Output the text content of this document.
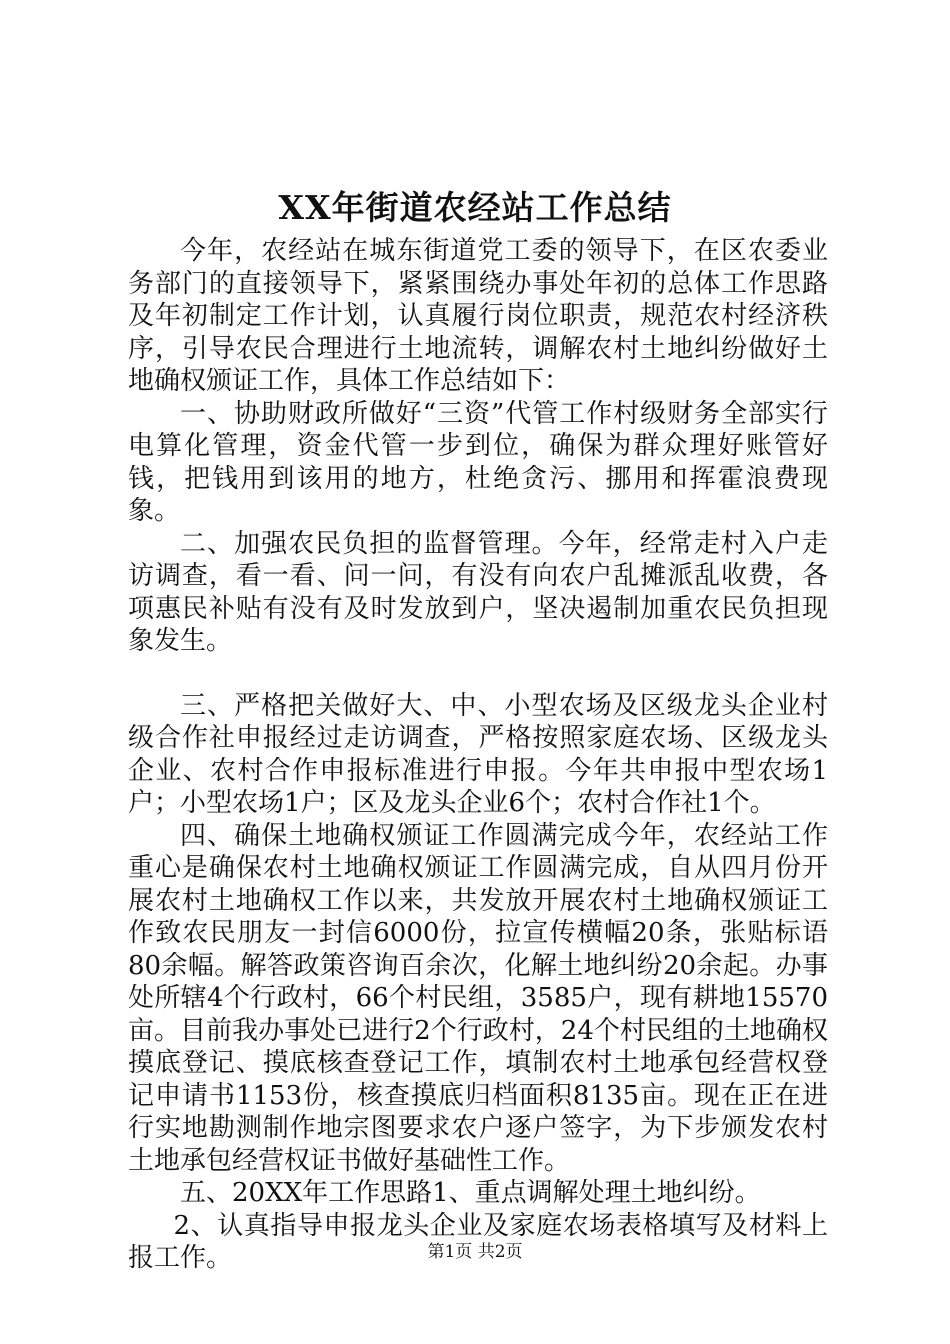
XX年街道农经站工作总结

今年，农经站在城东街道党工委的领导下，在区农委业务部门的直接领导下，紧紧围绕办事处年初的总体工作思路及年初制定工作计划，认真履行岗位职责，规范农村经济秩序，引导农民合理进行土地流转，调解农村土地纠纷做好土地确权颁证工作，具体工作总结如下：

一、协助财政所做好“三资”代管工作村级财务全部实行电算化管理，资金代管一步到位，确保为群众理好账管好钱，把钱用到该用的地方，杜绝贪污、挪用和挥霍浪费现象。

二、加强农民负担的监督管理。今年，经常走村入户走访调查，看一看、问一问，有没有向农户乱摊派乱收费，各项惠民补贴有没有及时发放到户，坚决遏制加重农民负担现象发生。

三、严格把关做好大、中、小型农场及区级龙头企业村级合作社申报经过走访调查，严格按照家庭农场、区级龙头企业、农村合作申报标准进行申报。今年共申报中型农场1户；小型农场1户；区及龙头企业6个；农村合作社1个。

四、确保土地确权颁证工作圆满完成今年，农经站工作重心是确保农村土地确权颁证工作圆满完成，自从四月份开展农村土地确权工作以来，共发放开展农村土地确权颁证工作致农民朋友一封信6000份，拉宣传横幅20条，张贴标语80余幅。解答政策咨询百余次，化解土地纠纷20余起。办事处所辖4个行政村，66个村民组，3585户，现有耕地15570亩。目前我办事处已进行2个行政村，24个村民组的土地确权摸底登记、摸底核查登记工作，填制农村土地承包经营权登记申请书1153份，核查摸底归档面积8135亩。现在正在进行实地勘测制作地宗图要求农户逐户签字，为下步颁发农村土地承包经营权证书做好基础性工作。

五、20XX年工作思路1、重点调解处理土地纠纷。

2、认真指导申报龙头企业及家庭农场表格填写及材料上报工作。	第1页 共2页
